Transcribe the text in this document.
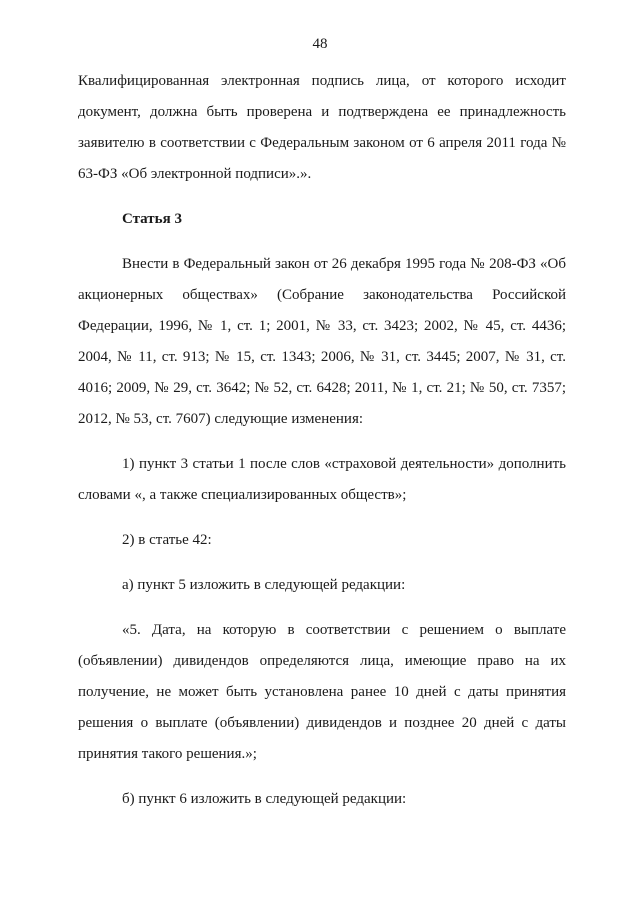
48

Квалифицированная электронная подпись лица, от которого исходит документ, должна быть проверена и подтверждена ее принадлежность заявителю в соответствии с Федеральным законом от 6 апреля 2011 года № 63-ФЗ «Об электронной подписи».».

Статья 3

Внести в Федеральный закон от 26 декабря 1995 года № 208-ФЗ «Об акционерных обществах» (Собрание законодательства Российской Федерации, 1996, № 1, ст. 1; 2001, № 33, ст. 3423; 2002, № 45, ст. 4436; 2004, № 11, ст. 913; № 15, ст. 1343; 2006, № 31, ст. 3445; 2007, № 31, ст. 4016; 2009, № 29, ст. 3642; № 52, ст. 6428; 2011, № 1, ст. 21; № 50, ст. 7357; 2012, № 53, ст. 7607) следующие изменения:

1) пункт 3 статьи 1 после слов «страховой деятельности» дополнить словами «, а также специализированных обществ»;

2) в статье 42:

а) пункт 5 изложить в следующей редакции:

«5. Дата, на которую в соответствии с решением о выплате (объявлении) дивидендов определяются лица, имеющие право на их получение, не может быть установлена ранее 10 дней с даты принятия решения о выплате (объявлении) дивидендов и позднее 20 дней с даты принятия такого решения.»;

б) пункт 6 изложить в следующей редакции:
